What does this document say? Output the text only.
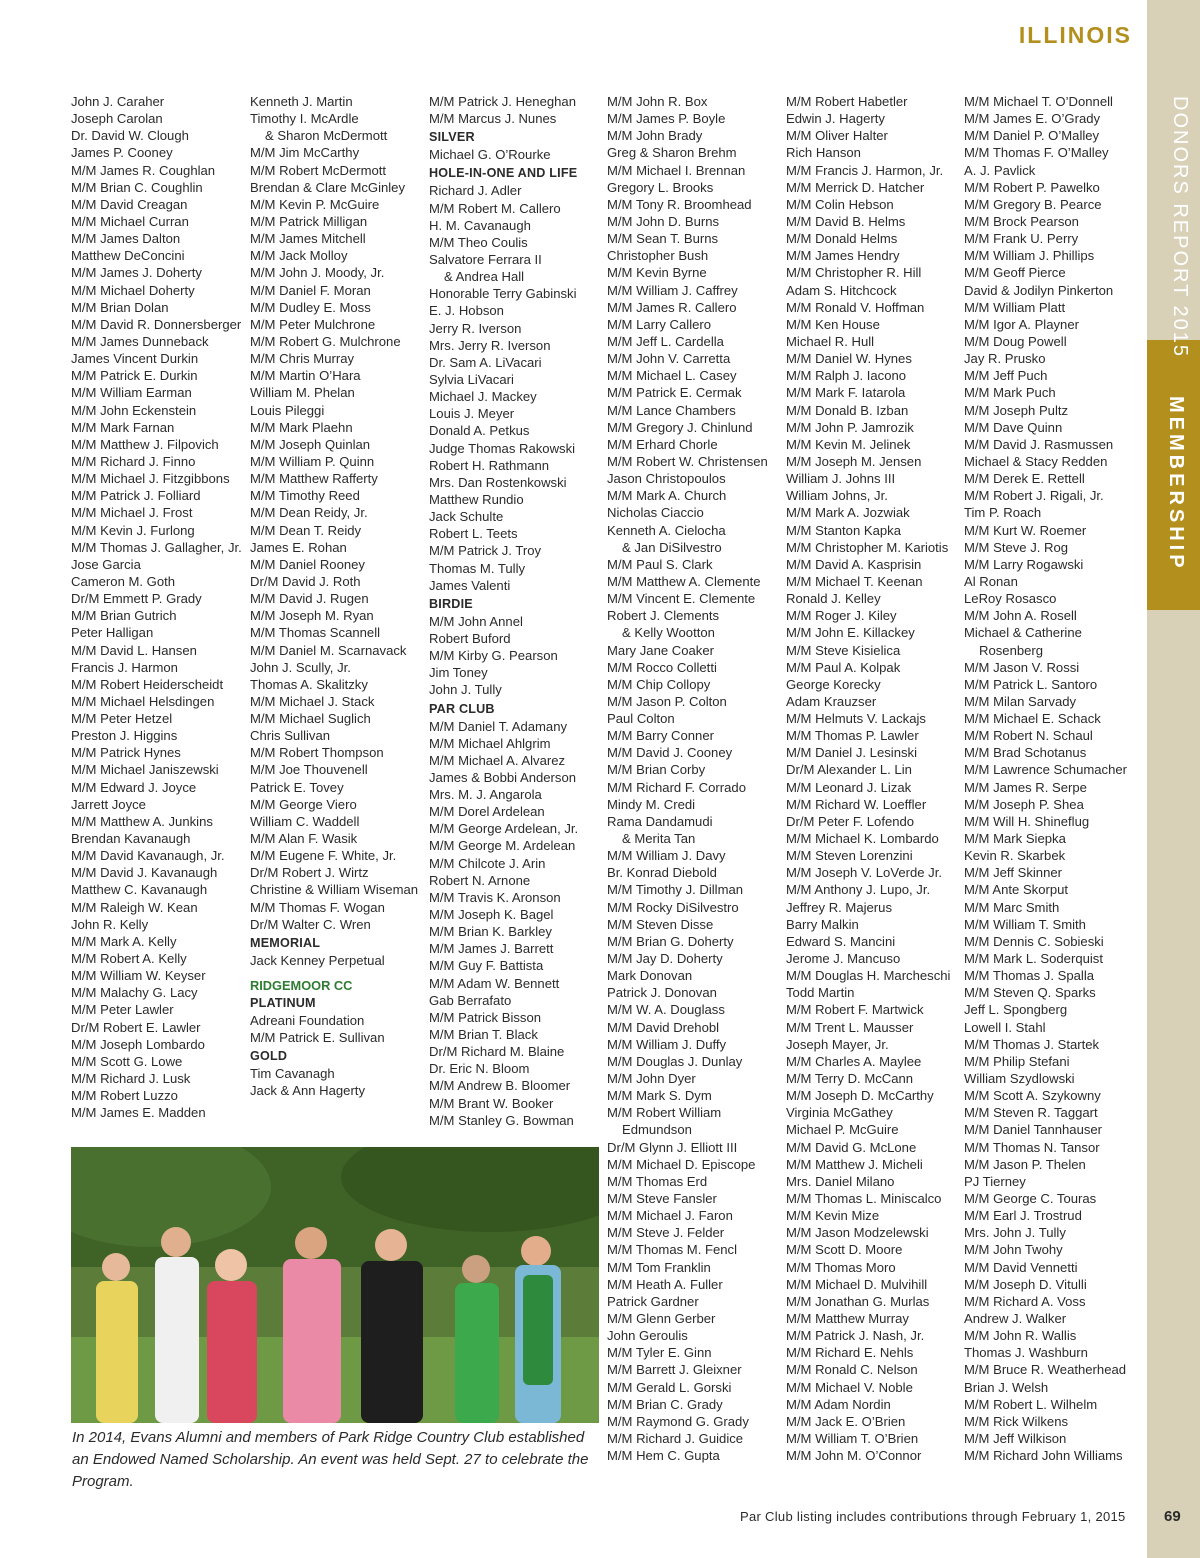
DONORS REPORT 2015
MEMBERSHIP
ILLINOIS
John J. Caraher
Joseph Carolan
Dr. David W. Clough
James P. Cooney
M/M James R. Coughlan
M/M Brian C. Coughlin
M/M David Creagan
M/M Michael Curran
M/M James Dalton
Matthew DeConcini
M/M James J. Doherty
M/M Michael Doherty
M/M Brian Dolan
M/M David R. Donnersberger
M/M James Dunneback
James Vincent Durkin
M/M Patrick E. Durkin
M/M William Earman
M/M John Eckenstein
M/M Mark Farnan
M/M Matthew J. Filpovich
M/M Richard J. Finno
M/M Michael J. Fitzgibbons
M/M Patrick J. Folliard
M/M Michael J. Frost
M/M Kevin J. Furlong
M/M Thomas J. Gallagher, Jr.
Jose Garcia
Cameron M. Goth
Dr/M Emmett P. Grady
M/M Brian Gutrich
Peter Halligan
M/M David L. Hansen
Francis J. Harmon
M/M Robert Heiderscheidt
M/M Michael Helsdingen
M/M Peter Hetzel
Preston J. Higgins
M/M Patrick Hynes
M/M Michael Janiszewski
M/M Edward J. Joyce
Jarrett Joyce
M/M Matthew A. Junkins
Brendan Kavanaugh
M/M David Kavanaugh, Jr.
M/M David J. Kavanaugh
Matthew C. Kavanaugh
M/M Raleigh W. Kean
John R. Kelly
M/M Mark A. Kelly
M/M Robert A. Kelly
M/M William W. Keyser
M/M Malachy G. Lacy
M/M Peter Lawler
Dr/M Robert E. Lawler
M/M Joseph Lombardo
M/M Scott G. Lowe
M/M Richard J. Lusk
M/M Robert Luzzo
M/M James E. Madden
Kenneth J. Martin
Timothy I. McArdle
& Sharon McDermott
M/M Jim McCarthy
M/M Robert McDermott
Brendan & Clare McGinley
M/M Kevin P. McGuire
M/M Patrick Milligan
M/M James Mitchell
M/M Jack Molloy
M/M John J. Moody, Jr.
M/M Daniel F. Moran
M/M Dudley E. Moss
M/M Peter Mulchrone
M/M Robert G. Mulchrone
M/M Chris Murray
M/M Martin O’Hara
William M. Phelan
Louis Pileggi
M/M Mark Plaehn
M/M Joseph Quinlan
M/M William P. Quinn
M/M Matthew Rafferty
M/M Timothy Reed
M/M Dean Reidy, Jr.
M/M Dean T. Reidy
James E. Rohan
M/M Daniel Rooney
Dr/M David J. Roth
M/M David J. Rugen
M/M Joseph M. Ryan
M/M Thomas Scannell
M/M Daniel M. Scarnavack
John J. Scully, Jr.
Thomas A. Skalitzky
M/M Michael J. Stack
M/M Michael Suglich
Chris Sullivan
M/M Robert Thompson
M/M Joe Thouvenell
Patrick E. Tovey
M/M George Viero
William C. Waddell
M/M Alan F. Wasik
M/M Eugene F. White, Jr.
Dr/M Robert J. Wirtz
Christine & William Wiseman
M/M Thomas F. Wogan
Dr/M Walter C. Wren
MEMORIAL
Jack Kenney Perpetual
RIDGEMOOR CC
PLATINUM
Adreani Foundation
M/M Patrick E. Sullivan
GOLD
Tim Cavanagh
Jack & Ann Hagerty
M/M Patrick J. Heneghan
M/M Marcus J. Nunes
SILVER
Michael G. O’Rourke
HOLE-IN-ONE AND LIFE
Richard J. Adler
M/M Robert M. Callero
H. M. Cavanaugh
M/M Theo Coulis
Salvatore Ferrara II
& Andrea Hall
Honorable Terry Gabinski
E. J. Hobson
Jerry R. Iverson
Mrs. Jerry R. Iverson
Dr. Sam A. LiVacari
Sylvia LiVacari
Michael J. Mackey
Louis J. Meyer
Donald A. Petkus
Judge Thomas Rakowski
Robert H. Rathmann
Mrs. Dan Rostenkowski
Matthew Rundio
Jack Schulte
Robert L. Teets
M/M Patrick J. Troy
Thomas M. Tully
James Valenti
BIRDIE
M/M John Annel
Robert Buford
M/M Kirby G. Pearson
Jim Toney
John J. Tully
PAR CLUB
M/M Daniel T. Adamany
M/M Michael Ahlgrim
M/M Michael A. Alvarez
James & Bobbi Anderson
Mrs. M. J. Angarola
M/M Dorel Ardelean
M/M George Ardelean, Jr.
M/M George M. Ardelean
M/M Chilcote J. Arin
Robert N. Arnone
M/M Travis K. Aronson
M/M Joseph K. Bagel
M/M Brian K. Barkley
M/M James J. Barrett
M/M Guy F. Battista
M/M Adam W. Bennett
Gab Berrafato
M/M Patrick Bisson
M/M Brian T. Black
Dr/M Richard M. Blaine
Dr. Eric N. Bloom
M/M Andrew B. Bloomer
M/M Brant W. Booker
M/M Stanley G. Bowman
M/M John R. Box
M/M James P. Boyle
M/M John Brady
Greg & Sharon Brehm
M/M Michael I. Brennan
Gregory L. Brooks
M/M Tony R. Broomhead
M/M John D. Burns
M/M Sean T. Burns
Christopher Bush
M/M Kevin Byrne
M/M William J. Caffrey
M/M James R. Callero
M/M Larry Callero
M/M Jeff L. Cardella
M/M John V. Carretta
M/M Michael L. Casey
M/M Patrick E. Cermak
M/M Lance Chambers
M/M Gregory J. Chinlund
M/M Erhard Chorle
M/M Robert W. Christensen
Jason Christopoulos
M/M Mark A. Church
Nicholas Ciaccio
Kenneth A. Cielocha
& Jan DiSilvestro
M/M Paul S. Clark
M/M Matthew A. Clemente
M/M Vincent E. Clemente
Robert J. Clements
& Kelly Wootton
Mary Jane Coaker
M/M Rocco Colletti
M/M Chip Collopy
M/M Jason P. Colton
Paul Colton
M/M Barry Conner
M/M David J. Cooney
M/M Brian Corby
M/M Richard F. Corrado
Mindy M. Credi
Rama Dandamudi
& Merita Tan
M/M William J. Davy
Br. Konrad Diebold
M/M Timothy J. Dillman
M/M Rocky DiSilvestro
M/M Steven Disse
M/M Brian G. Doherty
M/M Jay D. Doherty
Mark Donovan
Patrick J. Donovan
M/M W. A. Douglass
M/M David Drehobl
M/M William J. Duffy
M/M Douglas J. Dunlay
M/M John Dyer
M/M Mark S. Dym
M/M Robert William
Edmundson
Dr/M Glynn J. Elliott III
M/M Michael D. Episcope
M/M Thomas Erd
M/M Steve Fansler
M/M Michael J. Faron
M/M Steve J. Felder
M/M Thomas M. Fencl
M/M Tom Franklin
M/M Heath A. Fuller
Patrick Gardner
M/M Glenn Gerber
John Geroulis
M/M Tyler E. Ginn
M/M Barrett J. Gleixner
M/M Gerald L. Gorski
M/M Brian C. Grady
M/M Raymond G. Grady
M/M Richard J. Guidice
M/M Hem C. Gupta
M/M Robert Habetler
Edwin J. Hagerty
M/M Oliver Halter
Rich Hanson
M/M Francis J. Harmon, Jr.
M/M Merrick D. Hatcher
M/M Colin Hebson
M/M David B. Helms
M/M Donald Helms
M/M James Hendry
M/M Christopher R. Hill
Adam S. Hitchcock
M/M Ronald V. Hoffman
M/M Ken House
Michael R. Hull
M/M Daniel W. Hynes
M/M Ralph J. Iacono
M/M Mark F. Iatarola
M/M Donald B. Izban
M/M John P. Jamrozik
M/M Kevin M. Jelinek
M/M Joseph M. Jensen
William J. Johns III
William Johns, Jr.
M/M Mark A. Jozwiak
M/M Stanton Kapka
M/M Christopher M. Kariotis
M/M David A. Kasprisin
M/M Michael T. Keenan
Ronald J. Kelley
M/M Roger J. Kiley
M/M John E. Killackey
M/M Steve Kisielica
M/M Paul A. Kolpak
George Korecky
Adam Krauzser
M/M Helmuts V. Lackajs
M/M Thomas P. Lawler
M/M Daniel J. Lesinski
Dr/M Alexander L. Lin
M/M Leonard J. Lizak
M/M Richard W. Loeffler
Dr/M Peter F. Lofendo
M/M Michael K. Lombardo
M/M Steven Lorenzini
M/M Joseph V. LoVerde Jr.
M/M Anthony J. Lupo, Jr.
Jeffrey R. Majerus
Barry Malkin
Edward S. Mancini
Jerome J. Mancuso
M/M Douglas H. Marcheschi
Todd Martin
M/M Robert F. Martwick
M/M Trent L. Mausser
Joseph Mayer, Jr.
M/M Charles A. Maylee
M/M Terry D. McCann
M/M Joseph D. McCarthy
Virginia McGathey
Michael P. McGuire
M/M David G. McLone
M/M Matthew J. Micheli
Mrs. Daniel Milano
M/M Thomas L. Miniscalco
M/M Kevin Mize
M/M Jason Modzelewski
M/M Scott D. Moore
M/M Thomas Moro
M/M Michael D. Mulvihill
M/M Jonathan G. Murlas
M/M Matthew Murray
M/M Patrick J. Nash, Jr.
M/M Richard E. Nehls
M/M Ronald C. Nelson
M/M Michael V. Noble
M/M Adam Nordin
M/M Jack E. O’Brien
M/M William T. O’Brien
M/M John M. O’Connor
M/M Michael T. O’Donnell
M/M James E. O’Grady
M/M Daniel P. O’Malley
M/M Thomas F. O’Malley
A. J. Pavlick
M/M Robert P. Pawelko
M/M Gregory B. Pearce
M/M Brock Pearson
M/M Frank U. Perry
M/M William J. Phillips
M/M Geoff Pierce
David & Jodilyn Pinkerton
M/M William Platt
M/M Igor A. Playner
M/M Doug Powell
Jay R. Prusko
M/M Jeff Puch
M/M Mark Puch
M/M Joseph Pultz
M/M Dave Quinn
M/M David J. Rasmussen
Michael & Stacy Redden
M/M Derek E. Rettell
M/M Robert J. Rigali, Jr.
Tim P. Roach
M/M Kurt W. Roemer
M/M Steve J. Rog
M/M Larry Rogawski
Al Ronan
LeRoy Rosasco
M/M John A. Rosell
Michael & Catherine
Rosenberg
M/M Jason V. Rossi
M/M Patrick L. Santoro
M/M Milan Sarvady
M/M Michael E. Schack
M/M Robert N. Schaul
M/M Brad Schotanus
M/M Lawrence Schumacher
M/M James R. Serpe
M/M Joseph P. Shea
M/M Will H. Shineflug
M/M Mark Siepka
Kevin R. Skarbek
M/M Jeff Skinner
M/M Ante Skorput
M/M Marc Smith
M/M William T. Smith
M/M Dennis C. Sobieski
M/M Mark L. Soderquist
M/M Thomas J. Spalla
M/M Steven Q. Sparks
Jeff L. Spongberg
Lowell I. Stahl
M/M Thomas J. Startek
M/M Philip Stefani
William Szydlowski
M/M Scott A. Szykowny
M/M Steven R. Taggart
M/M Daniel Tannhauser
M/M Thomas N. Tansor
M/M Jason P. Thelen
PJ Tierney
M/M George C. Touras
M/M Earl J. Trostrud
Mrs. John J. Tully
M/M John Twohy
M/M David Vennetti
M/M Joseph D. Vitulli
M/M Richard A. Voss
Andrew J. Walker
M/M John R. Wallis
Thomas J. Washburn
M/M Bruce R. Weatherhead
Brian J. Welsh
M/M Robert L. Wilhelm
M/M Rick Wilkens
M/M Jeff Wilkison
M/M Richard John Williams
In 2014, Evans Alumni and members of Park Ridge Country Club established an Endowed Named Scholarship. An event was held Sept. 27 to celebrate the Program.
Par Club listing includes contributions through February 1, 2015	69
